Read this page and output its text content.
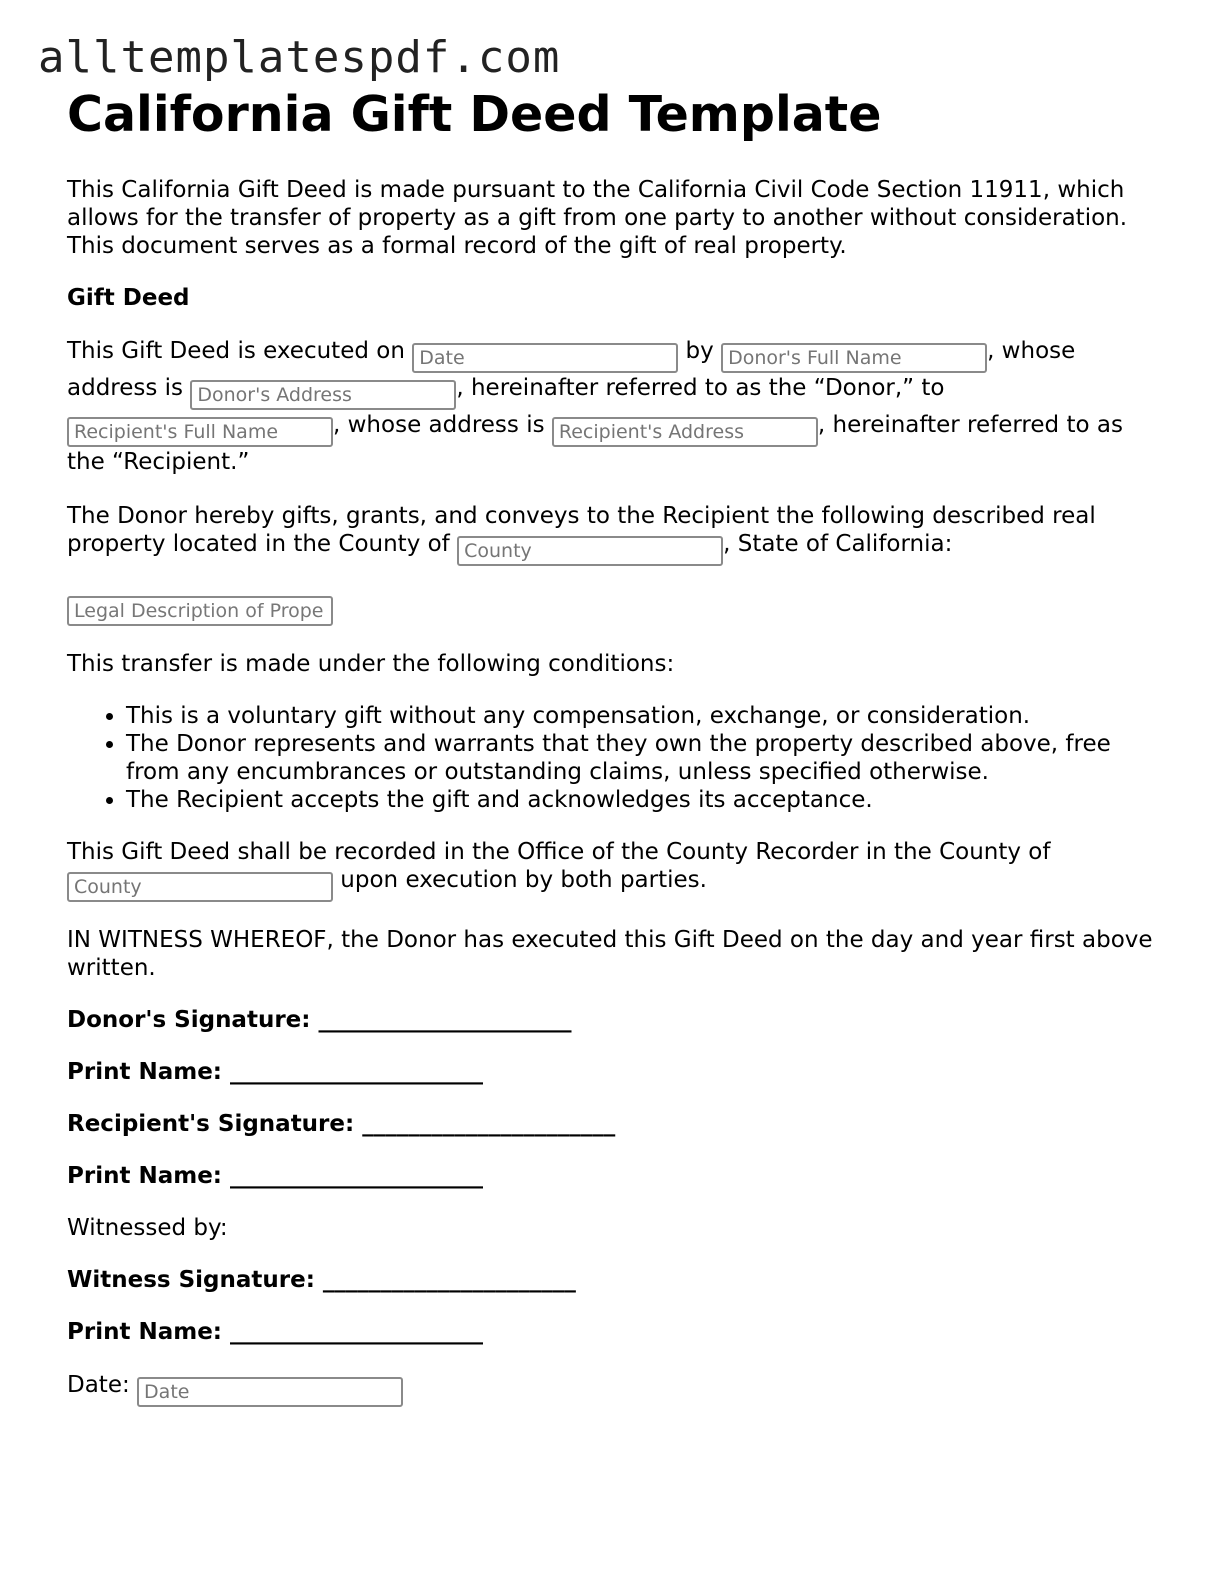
alltemplatespdf.com
California Gift Deed Template

This California Gift Deed is made pursuant to the California Civil Code Section 11911, which allows for the transfer of property as a gift from one party to another without consideration. This document serves as a formal record of the gift of real property.

Gift Deed

This Gift Deed is executed on Date	by Donor's Full Name	, whose address is Donor's Address	, hereinafter referred to as the “Donor,” to Recipient's Full Name, whose address is Recipient's Address	, hereinafter referred to as the “Recipient.”

The Donor hereby gifts, grants, and conveys to the Recipient the following described real property located in the County of County	, State of California:

Legal Description of Prope

This transfer is made under the following conditions:

• This is a voluntary gift without any compensation, exchange, or consideration.
• The Donor represents and warrants that they own the property described above, free from any encumbrances or outstanding claims, unless specified otherwise.
• The Recipient accepts the gift and acknowledges its acceptance.

This Gift Deed shall be recorded in the Office of the County Recorder in the County of County upon execution by both parties.

IN WITNESS WHEREOF, the Donor has executed this Gift Deed on the day and year first above written.

Donor's Signature: ______________________
Print Name: ______________________
Recipient's Signature: ______________________
Print Name: ______________________
Witnessed by:
Witness Signature: ______________________
Print Name: ______________________
Date: Date
